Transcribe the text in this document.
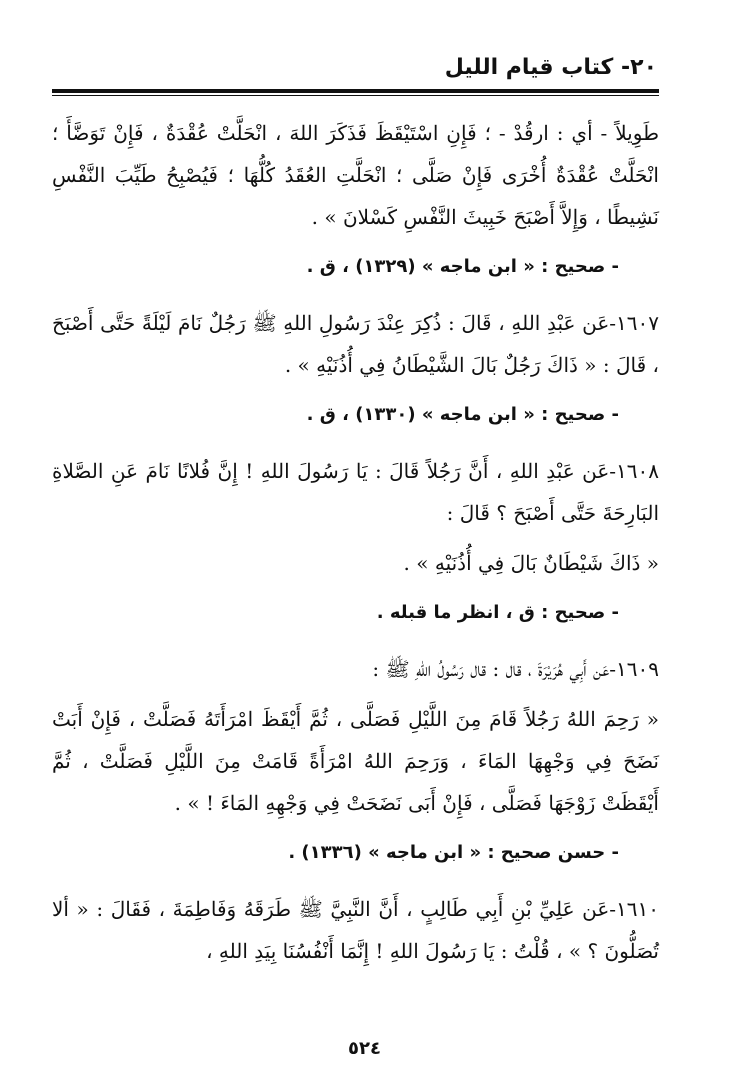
٢٠- كتاب قيام الليل

طَوِيلاً - أي : ارقُدْ - ؛ فَإِنِ اسْتَيْقَظَ فَذَكَرَ اللهَ ، انْحَلَّتْ عُقْدَةٌ ، فَإِنْ تَوَضَّأَ ؛ انْحَلَّتْ عُقْدَةٌ أُخْرَى فَإِنْ صَلَّى ؛ انْحَلَّتِ العُقَدُ كُلُّهَا ؛ فَيُصْبِحُ طَيِّبَ النَّفْسِ نَشِيطًا ، وَإِلاَّ أَصْبَحَ خَبِيثَ النَّفْسِ كَسْلانَ » .

- صحيح : « ابن ماجه » (١٣٢٩) ، ق .

١٦٠٧-عَن عَبْدِ اللهِ ، قَالَ : ذُكِرَ عِنْدَ رَسُولِ اللهِ ﷺ رَجُلٌ نَامَ لَيْلَةً حَتَّى أَصْبَحَ ، قَالَ : « ذَاكَ رَجُلٌ بَالَ الشَّيْطَانُ فِي أُذُنَيْهِ » .

- صحيح : « ابن ماجه » (١٣٣٠) ، ق .

١٦٠٨-عَن عَبْدِ اللهِ ، أَنَّ رَجُلاً قَالَ : يَا رَسُولَ اللهِ ! إِنَّ فُلانًا نَامَ عَنِ الصَّلاةِ البَارِحَةَ حَتَّى أَصْبَحَ ؟ قَالَ :

« ذَاكَ شَيْطَانٌ بَالَ فِي أُذُنَيْهِ » .

- صحيح : ق ، انظر ما قبله .

١٦٠٩-عَن أَبِي هُرَيْرَةَ ، قال : قال رَسُولُ اللهِ ﷺ :

« رَحِمَ اللهُ رَجُلاً قَامَ مِنَ اللَّيْلِ فَصَلَّى ، ثُمَّ أَيْقَظَ امْرَأَتَهُ فَصَلَّتْ ، فَإِنْ أَبَتْ نَضَحَ فِي وَجْهِهَا المَاءَ ، وَرَحِمَ اللهُ امْرَأَةً قَامَتْ مِنَ اللَّيْلِ فَصَلَّتْ ، ثُمَّ أَيْقَظَتْ زَوْجَهَا فَصَلَّى ، فَإِنْ أَبَى نَضَحَتْ فِي وَجْهِهِ المَاءَ ! » .

- حسن صحيح : « ابن ماجه » (١٣٣٦) .

١٦١٠-عَن عَلِيِّ بْنِ أَبِي طَالِبٍ ، أَنَّ النَّبِيَّ ﷺ طَرَقَهُ وَفَاطِمَةَ ، فَقَالَ : « ألا تُصَلُّونَ ؟ » ، قُلْتُ : يَا رَسُولَ اللهِ ! إِنَّمَا أَنْفُسُنَا بِيَدِ اللهِ ،

٥٢٤
